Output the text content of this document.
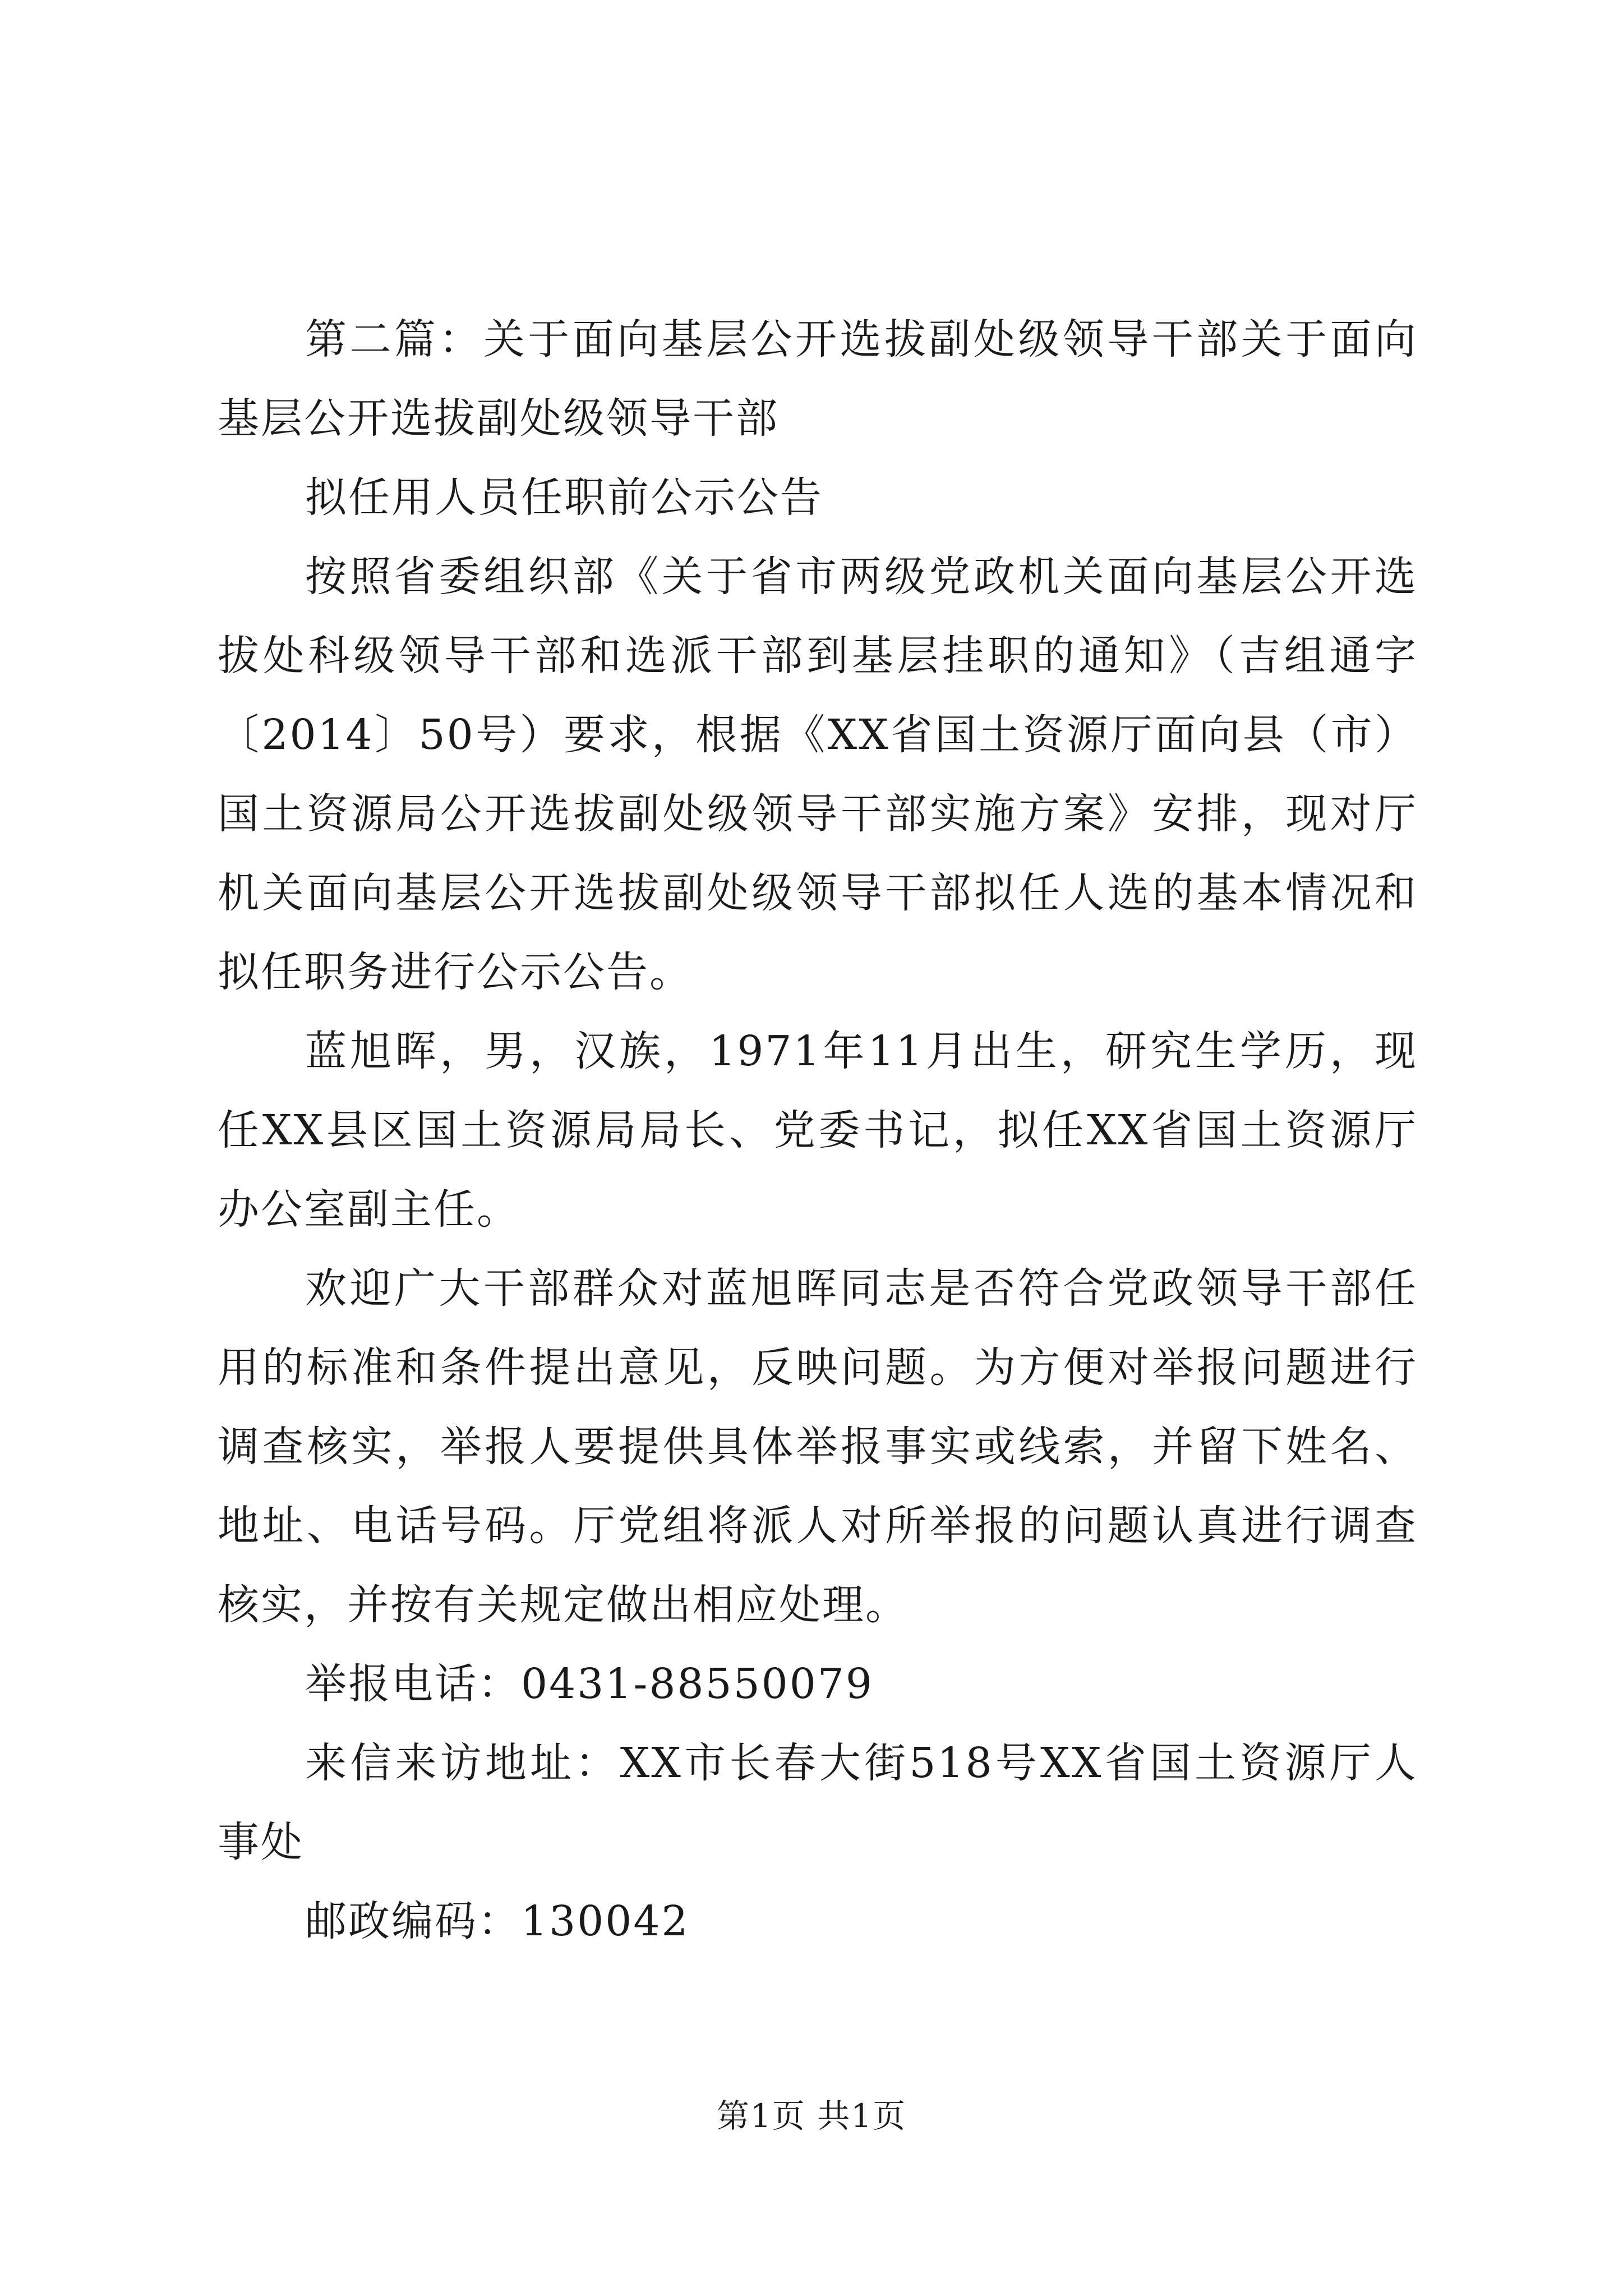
第二篇：关于面向基层公开选拔副处级领导干部关于面向基层公开选拔副处级领导干部

拟任用人员任职前公示公告

按照省委组织部《关于省市两级党政机关面向基层公开选拔处科级领导干部和选派干部到基层挂职的通知》（吉组通字〔2014〕50号）要求，根据《XX省国土资源厅面向县（市）国土资源局公开选拔副处级领导干部实施方案》安排，现对厅机关面向基层公开选拔副处级领导干部拟任人选的基本情况和拟任职务进行公示公告。

蓝旭晖，男，汉族，1971年11月出生，研究生学历，现任XX县区国土资源局局长、党委书记，拟任XX省国土资源厅办公室副主任。

欢迎广大干部群众对蓝旭晖同志是否符合党政领导干部任用的标准和条件提出意见，反映问题。为方便对举报问题进行调查核实，举报人要提供具体举报事实或线索，并留下姓名、地址、电话号码。厅党组将派人对所举报的问题认真进行调查核实，并按有关规定做出相应处理。

举报电话：0431-88550079

来信来访地址：XX市长春大街518号XX省国土资源厅人事处

邮政编码：130042

第1页 共1页
